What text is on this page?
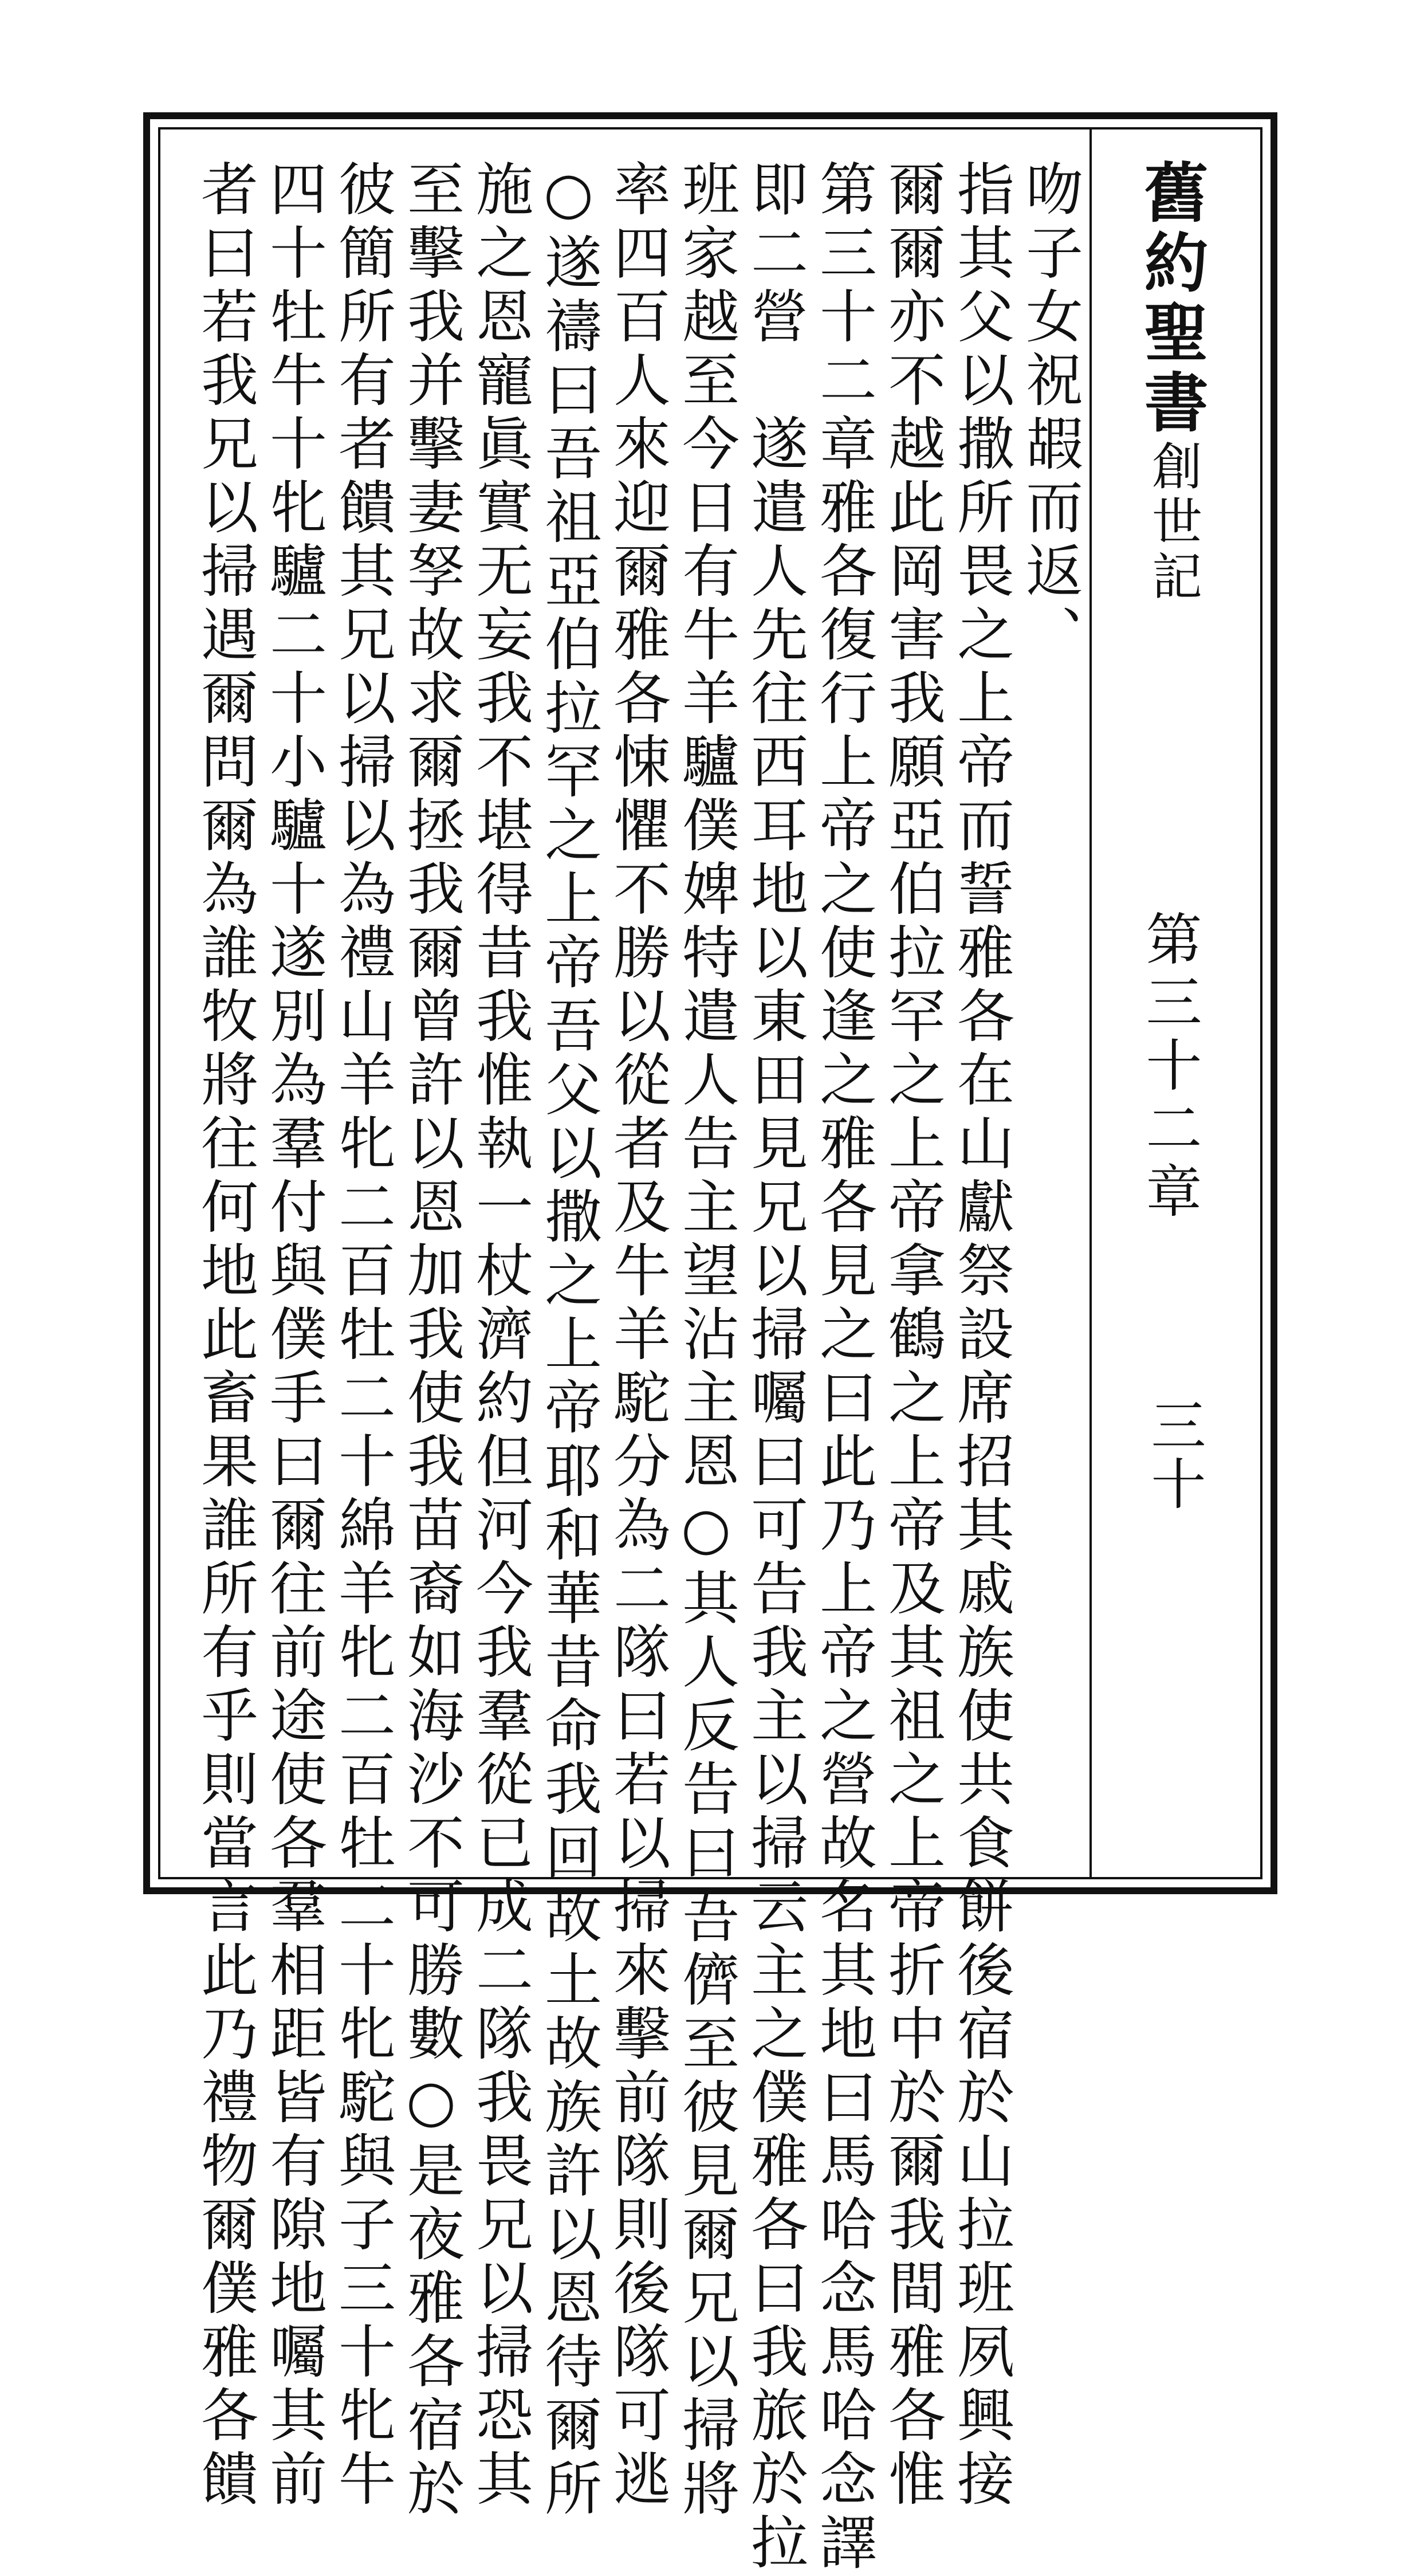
舊約聖書
創世記
第三十二章
三十
吻子女祝嘏而返、
指其父以撒所畏之上帝而誓雅各在山獻祭設席招其戚族使共食餅後宿於山拉班夙興接
爾爾亦不越此岡害我願亞伯拉罕之上帝拿鶴之上帝及其祖之上帝折中於爾我間雅各惟
第三十二章雅各復行上帝之使逢之雅各見之曰此乃上帝之營故名其地曰馬哈念馬哈念譯
即二營　遂遣人先往西耳地以東田見兄以掃囑曰可告我主以掃云主之僕雅各曰我旅於拉
班家越至今日有牛羊驢僕婢特遣人告主望沾主恩○其人反告曰吾儕至彼見爾兄以掃將
率四百人來迎爾雅各悚懼不勝以從者及牛羊駝分為二隊曰若以掃來擊前隊則後隊可逃
○遂禱曰吾祖亞伯拉罕之上帝吾父以撒之上帝耶和華昔命我回故土故族許以恩待爾所
施之恩寵眞實无妄我不堪得昔我惟執一杖濟約但河今我羣從已成二隊我畏兄以掃恐其
至擊我并擊妻孥故求爾拯我爾曾許以恩加我使我苗裔如海沙不可勝數○是夜雅各宿於
彼簡所有者饋其兄以掃以為禮山羊牝二百牡二十綿羊牝二百牡二十牝駝與子三十牝牛
四十牡牛十牝驢二十小驢十遂別為羣付與僕手曰爾往前途使各羣相距皆有隙地囑其前
者曰若我兄以掃遇爾問爾為誰牧將往何地此畜果誰所有乎則當言此乃禮物爾僕雅各饋
